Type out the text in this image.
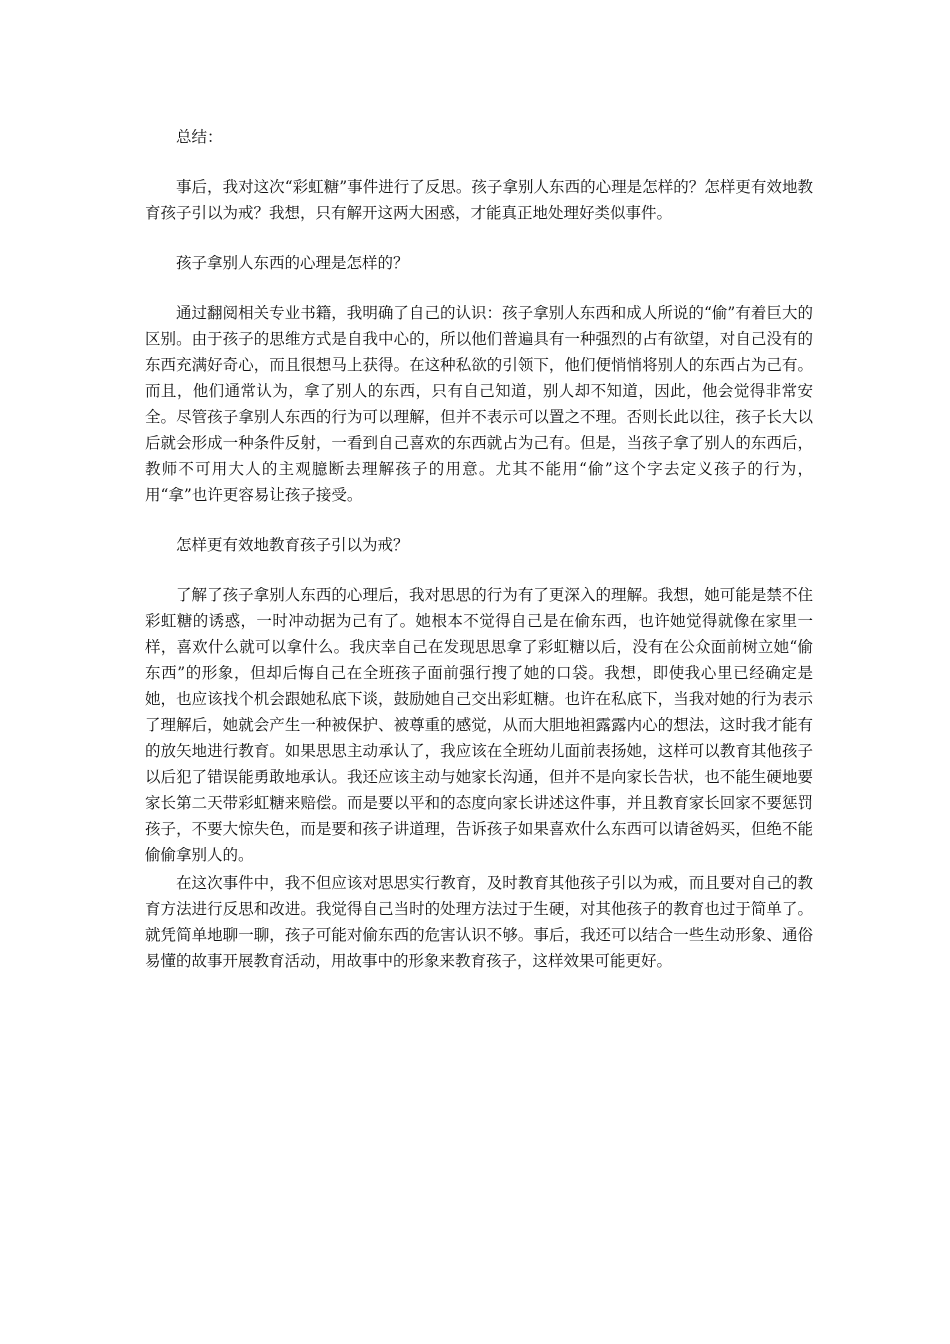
总结：

事后，我对这次“彩虹糖”事件进行了反思。孩子拿别人东西的心理是怎样的？怎样更有效地教育孩子引以为戒？我想，只有解开这两大困惑，才能真正地处理好类似事件。

孩子拿别人东西的心理是怎样的？

通过翻阅相关专业书籍，我明确了自己的认识：孩子拿别人东西和成人所说的“偷”有着巨大的区别。由于孩子的思维方式是自我中心的，所以他们普遍具有一种强烈的占有欲望，对自己没有的东西充满好奇心，而且很想马上获得。在这种私欲的引领下，他们便悄悄将别人的东西占为己有。而且，他们通常认为，拿了别人的东西，只有自己知道，别人却不知道，因此，他会觉得非常安全。尽管孩子拿别人东西的行为可以理解，但并不表示可以置之不理。否则长此以往，孩子长大以后就会形成一种条件反射，一看到自己喜欢的东西就占为己有。但是，当孩子拿了别人的东西后，教师不可用大人的主观臆断去理解孩子的用意。尤其不能用“偷”这个字去定义孩子的行为，用“拿”也许更容易让孩子接受。

怎样更有效地教育孩子引以为戒？

了解了孩子拿别人东西的心理后，我对思思的行为有了更深入的理解。我想，她可能是禁不住彩虹糖的诱惑，一时冲动据为己有了。她根本不觉得自己是在偷东西，也许她觉得就像在家里一样，喜欢什么就可以拿什么。我庆幸自己在发现思思拿了彩虹糖以后，没有在公众面前树立她“偷东西”的形象，但却后悔自己在全班孩子面前强行搜了她的口袋。我想，即使我心里已经确定是她，也应该找个机会跟她私底下谈，鼓励她自己交出彩虹糖。也许在私底下，当我对她的行为表示了理解后，她就会产生一种被保护、被尊重的感觉，从而大胆地袒露露内心的想法，这时我才能有的放矢地进行教育。如果思思主动承认了，我应该在全班幼儿面前表扬她，这样可以教育其他孩子以后犯了错误能勇敢地承认。我还应该主动与她家长沟通，但并不是向家长告状，也不能生硬地要家长第二天带彩虹糖来赔偿。而是要以平和的态度向家长讲述这件事，并且教育家长回家不要惩罚孩子，不要大惊失色，而是要和孩子讲道理，告诉孩子如果喜欢什么东西可以请爸妈买，但绝不能偷偷拿别人的。

在这次事件中，我不但应该对思思实行教育，及时教育其他孩子引以为戒，而且要对自己的教育方法进行反思和改进。我觉得自己当时的处理方法过于生硬，对其他孩子的教育也过于简单了。就凭简单地聊一聊，孩子可能对偷东西的危害认识不够。事后，我还可以结合一些生动形象、通俗易懂的故事开展教育活动，用故事中的形象来教育孩子，这样效果可能更好。
